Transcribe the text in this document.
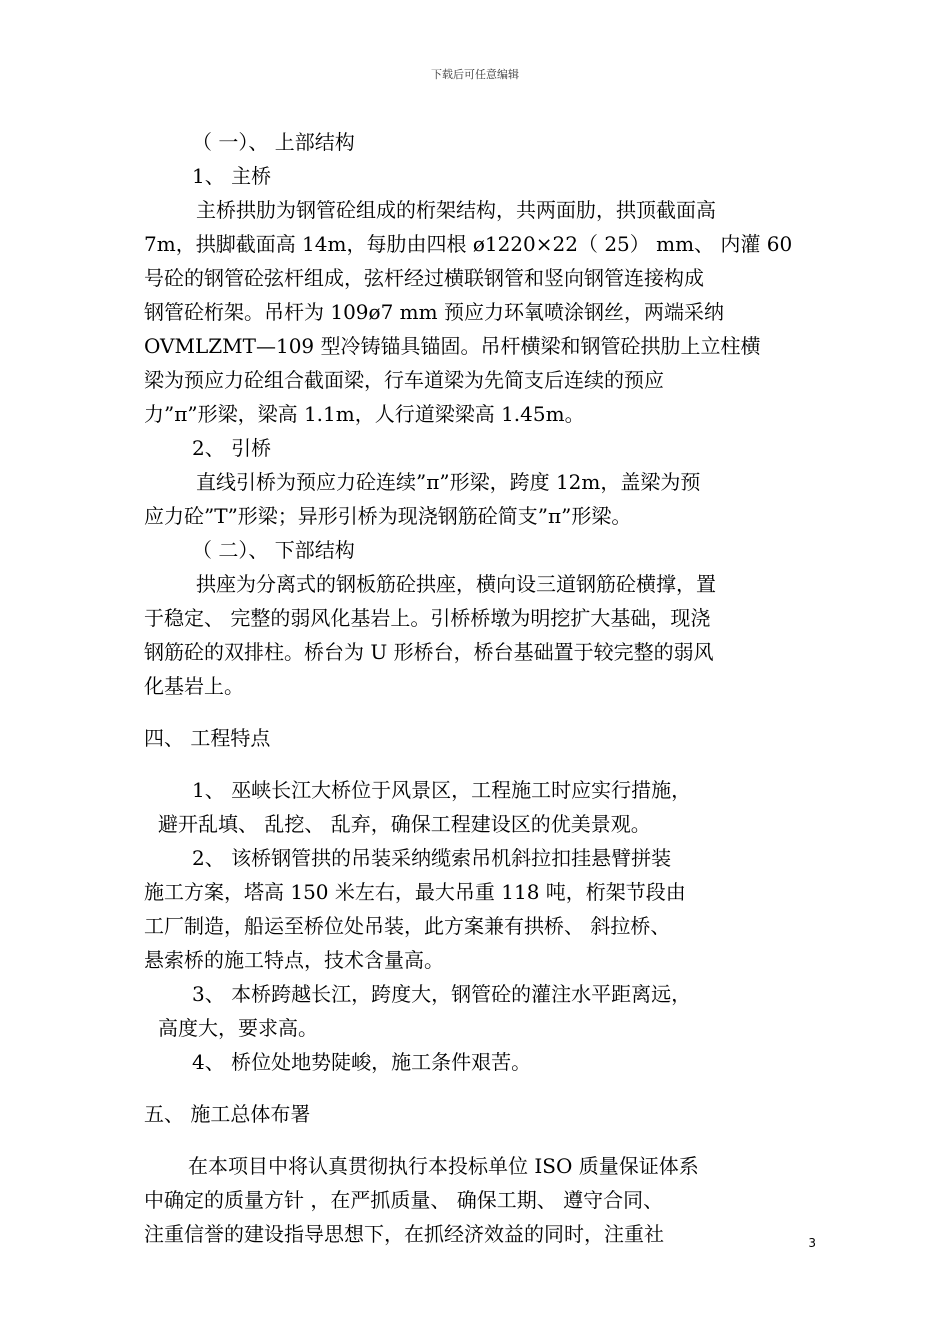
下载后可任意编辑
（ 一）、 上部结构
1、 主桥
主桥拱肋为钢管砼组成的桁架结构，共两面肋，拱顶截面高
7m，拱脚截面高 14m，每肋由四根 ø1220×22（ 25） mm、 内灌 60
号砼的钢管砼弦杆组成，弦杆经过横联钢管和竖向钢管连接构成
钢管砼桁架。吊杆为 109ø7 mm 预应力环氧喷涂钢丝，两端采纳
OVMLZMT—109 型冷铸锚具锚固。吊杆横梁和钢管砼拱肋上立柱横
梁为预应力砼组合截面梁，行车道梁为先简支后连续的预应
力”π”形梁，梁高 1.1m，人行道梁梁高 1.45m。
2、 引桥
直线引桥为预应力砼连续”π”形梁，跨度 12m，盖梁为预
应力砼”T”形梁；异形引桥为现浇钢筋砼简支”π”形梁。
（ 二）、 下部结构
拱座为分离式的钢板筋砼拱座，横向设三道钢筋砼横撑，置
于稳定、 完整的弱风化基岩上。引桥桥墩为明挖扩大基础，现浇
钢筋砼的双排柱。桥台为 U 形桥台，桥台基础置于较完整的弱风
化基岩上。
四、 工程特点
1、 巫峡长江大桥位于风景区，工程施工时应实行措施，
避开乱填、 乱挖、 乱弃，确保工程建设区的优美景观。
2、 该桥钢管拱的吊装采纳缆索吊机斜拉扣挂悬臂拼装
施工方案，塔高 150 米左右，最大吊重 118 吨，桁架节段由
工厂制造，船运至桥位处吊装，此方案兼有拱桥、 斜拉桥、
悬索桥的施工特点，技术含量高。
3、 本桥跨越长江，跨度大，钢管砼的灌注水平距离远，
高度大，要求高。
4、 桥位处地势陡峻，施工条件艰苦。
五、 施工总体布署
在本项目中将认真贯彻执行本投标单位 ISO 质量保证体系
中确定的质量方针 ，在严抓质量、 确保工期、 遵守合同、
注重信誉的建设指导思想下，在抓经济效益的同时，注重社	3
